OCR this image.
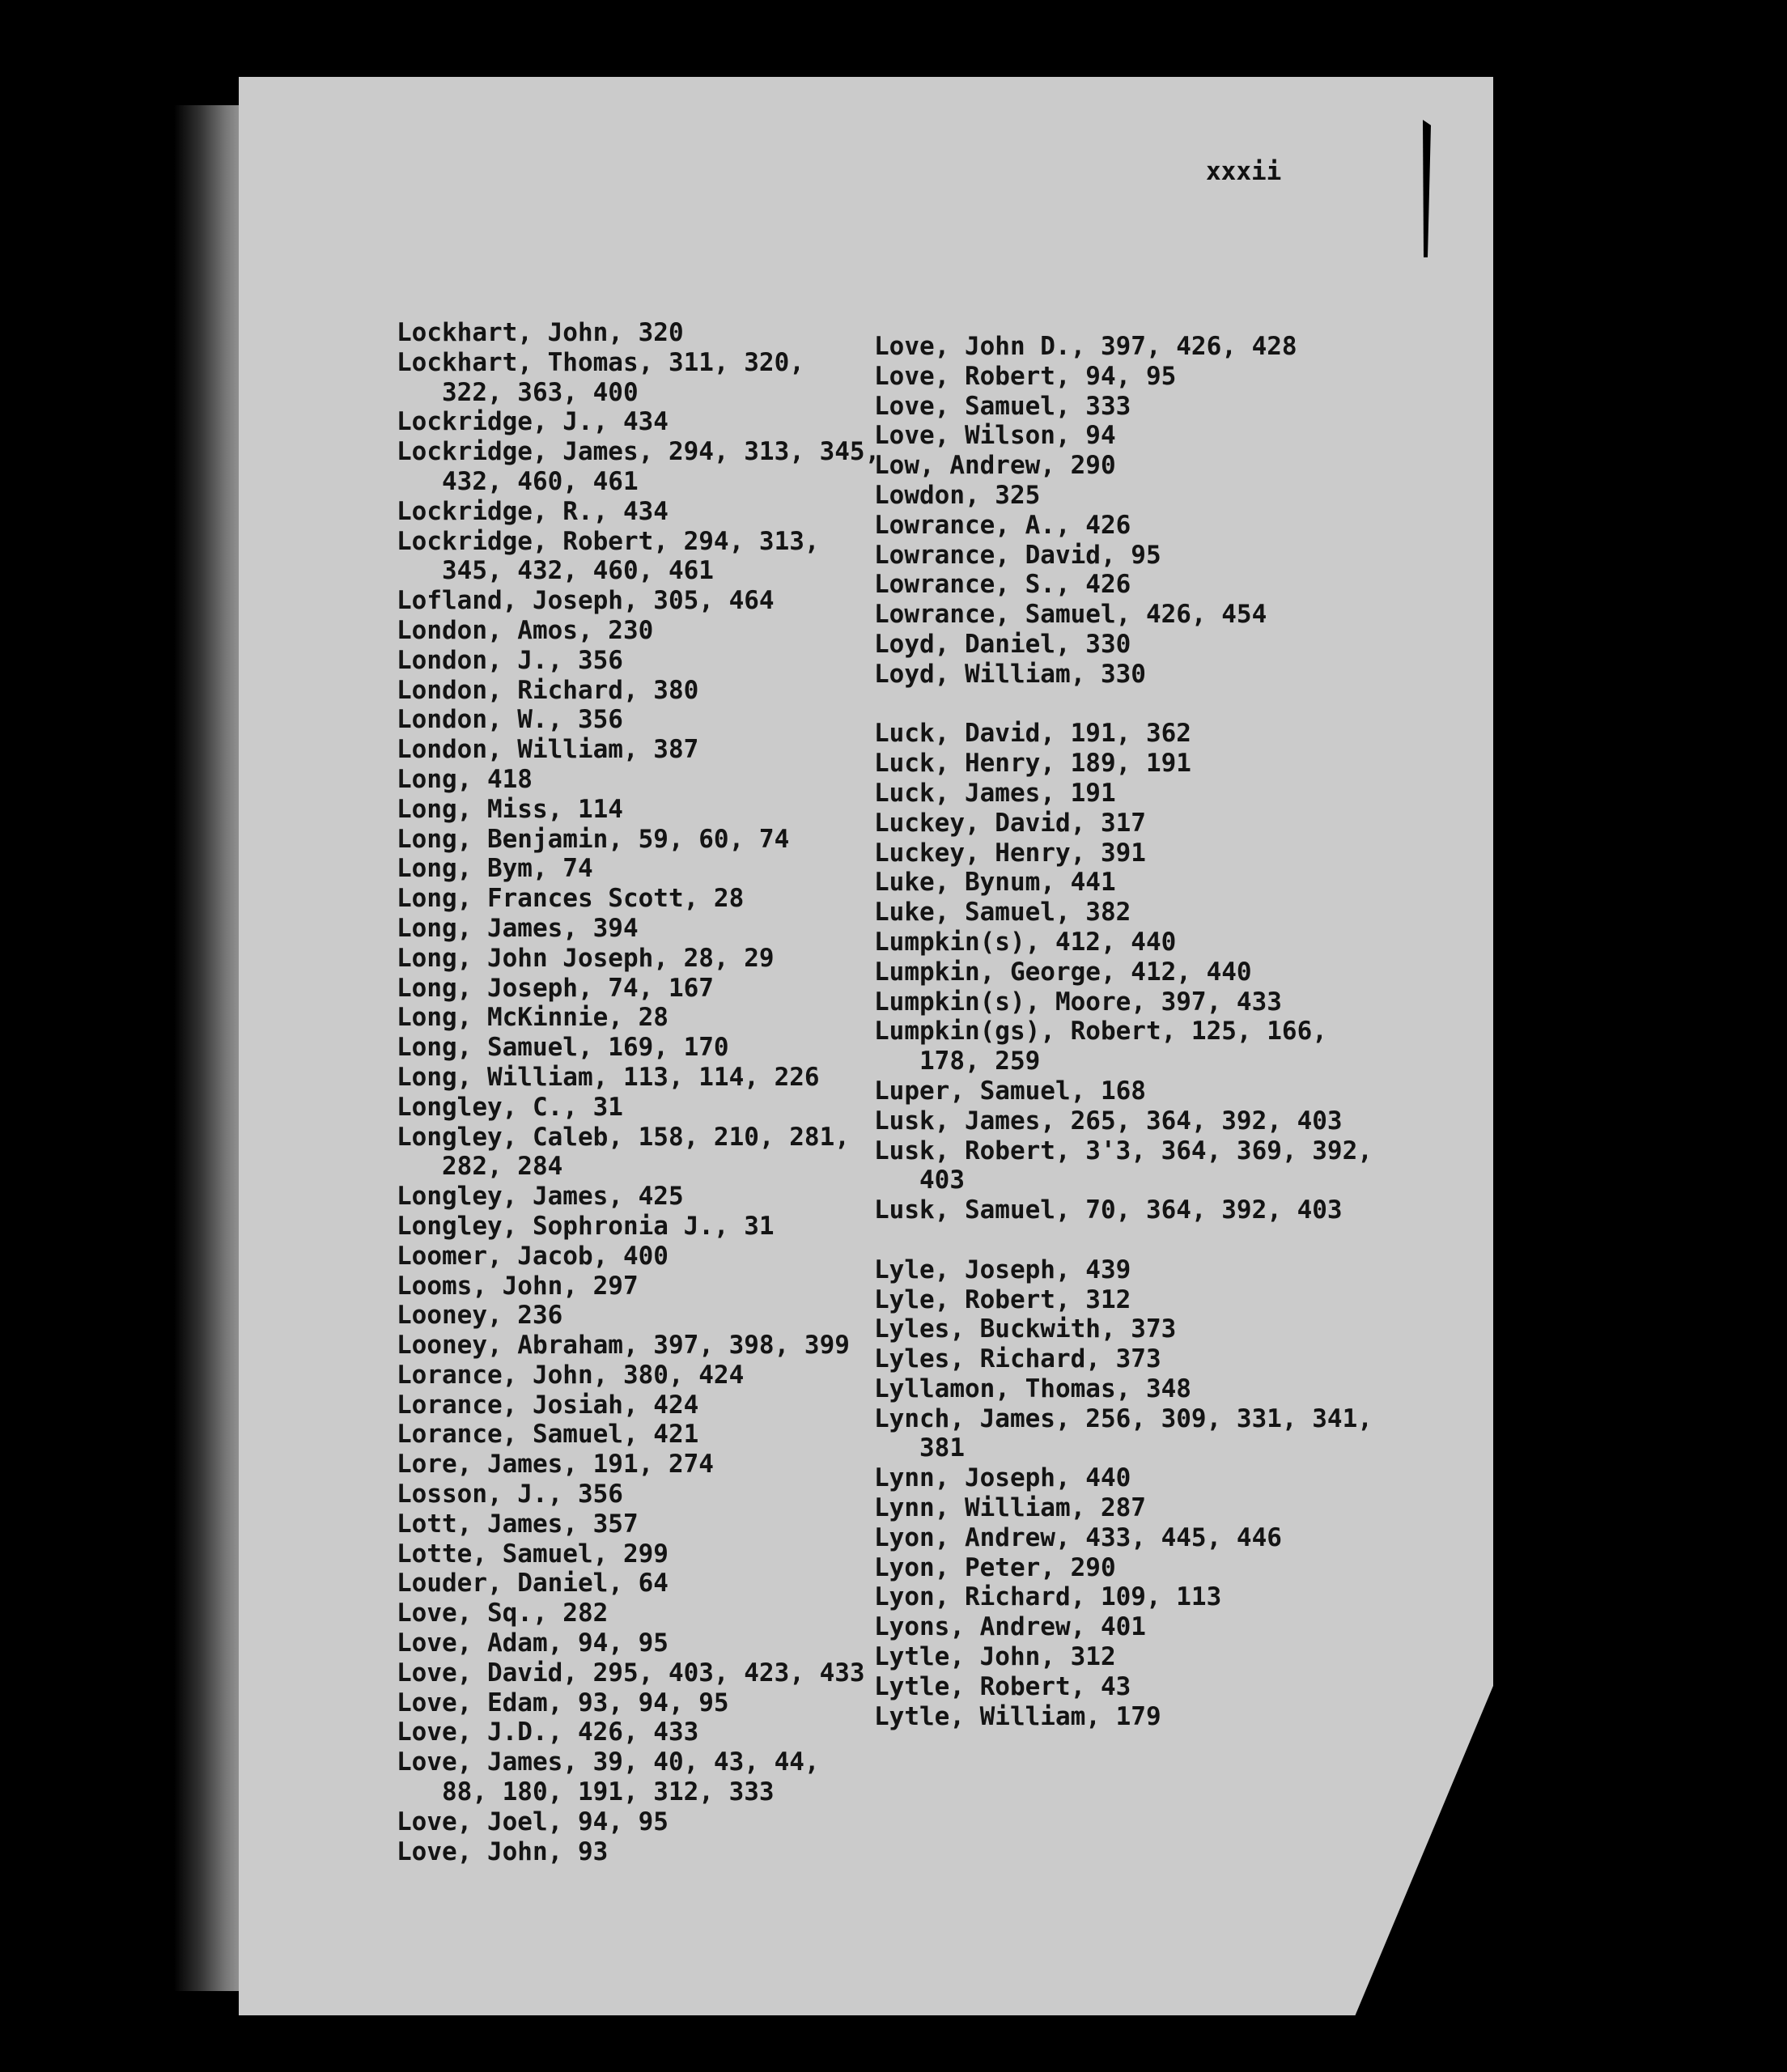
xxxii
Lockhart, John, 320
Lockhart, Thomas, 311, 320,
322, 363, 400
Lockridge, J., 434
Lockridge, James, 294, 313, 345,
432, 460, 461
Lockridge, R., 434
Lockridge, Robert, 294, 313,
345, 432, 460, 461
Lofland, Joseph, 305, 464
London, Amos, 230
London, J., 356
London, Richard, 380
London, W., 356
London, William, 387
Long, 418
Long, Miss, 114
Long, Benjamin, 59, 60, 74
Long, Bym, 74
Long, Frances Scott, 28
Long, James, 394
Long, John Joseph, 28, 29
Long, Joseph, 74, 167
Long, McKinnie, 28
Long, Samuel, 169, 170
Long, William, 113, 114, 226
Longley, C., 31
Longley, Caleb, 158, 210, 281,
282, 284
Longley, James, 425
Longley, Sophronia J., 31
Loomer, Jacob, 400
Looms, John, 297
Looney, 236
Looney, Abraham, 397, 398, 399
Lorance, John, 380, 424
Lorance, Josiah, 424
Lorance, Samuel, 421
Lore, James, 191, 274
Losson, J., 356
Lott, James, 357
Lotte, Samuel, 299
Louder, Daniel, 64
Love, Sq., 282
Love, Adam, 94, 95
Love, David, 295, 403, 423, 433
Love, Edam, 93, 94, 95
Love, J.D., 426, 433
Love, James, 39, 40, 43, 44,
88, 180, 191, 312, 333
Love, Joel, 94, 95
Love, John, 93
Love, John D., 397, 426, 428
Love, Robert, 94, 95
Love, Samuel, 333
Love, Wilson, 94
Low, Andrew, 290
Lowdon, 325
Lowrance, A., 426
Lowrance, David, 95
Lowrance, S., 426
Lowrance, Samuel, 426, 454
Loyd, Daniel, 330
Loyd, William, 330
Luck, David, 191, 362
Luck, Henry, 189, 191
Luck, James, 191
Luckey, David, 317
Luckey, Henry, 391
Luke, Bynum, 441
Luke, Samuel, 382
Lumpkin(s), 412, 440
Lumpkin, George, 412, 440
Lumpkin(s), Moore, 397, 433
Lumpkin(gs), Robert, 125, 166,
178, 259
Luper, Samuel, 168
Lusk, James, 265, 364, 392, 403
Lusk, Robert, 3'3, 364, 369, 392,
403
Lusk, Samuel, 70, 364, 392, 403
Lyle, Joseph, 439
Lyle, Robert, 312
Lyles, Buckwith, 373
Lyles, Richard, 373
Lyllamon, Thomas, 348
Lynch, James, 256, 309, 331, 341,
381
Lynn, Joseph, 440
Lynn, William, 287
Lyon, Andrew, 433, 445, 446
Lyon, Peter, 290
Lyon, Richard, 109, 113
Lyons, Andrew, 401
Lytle, John, 312
Lytle, Robert, 43
Lytle, William, 179
